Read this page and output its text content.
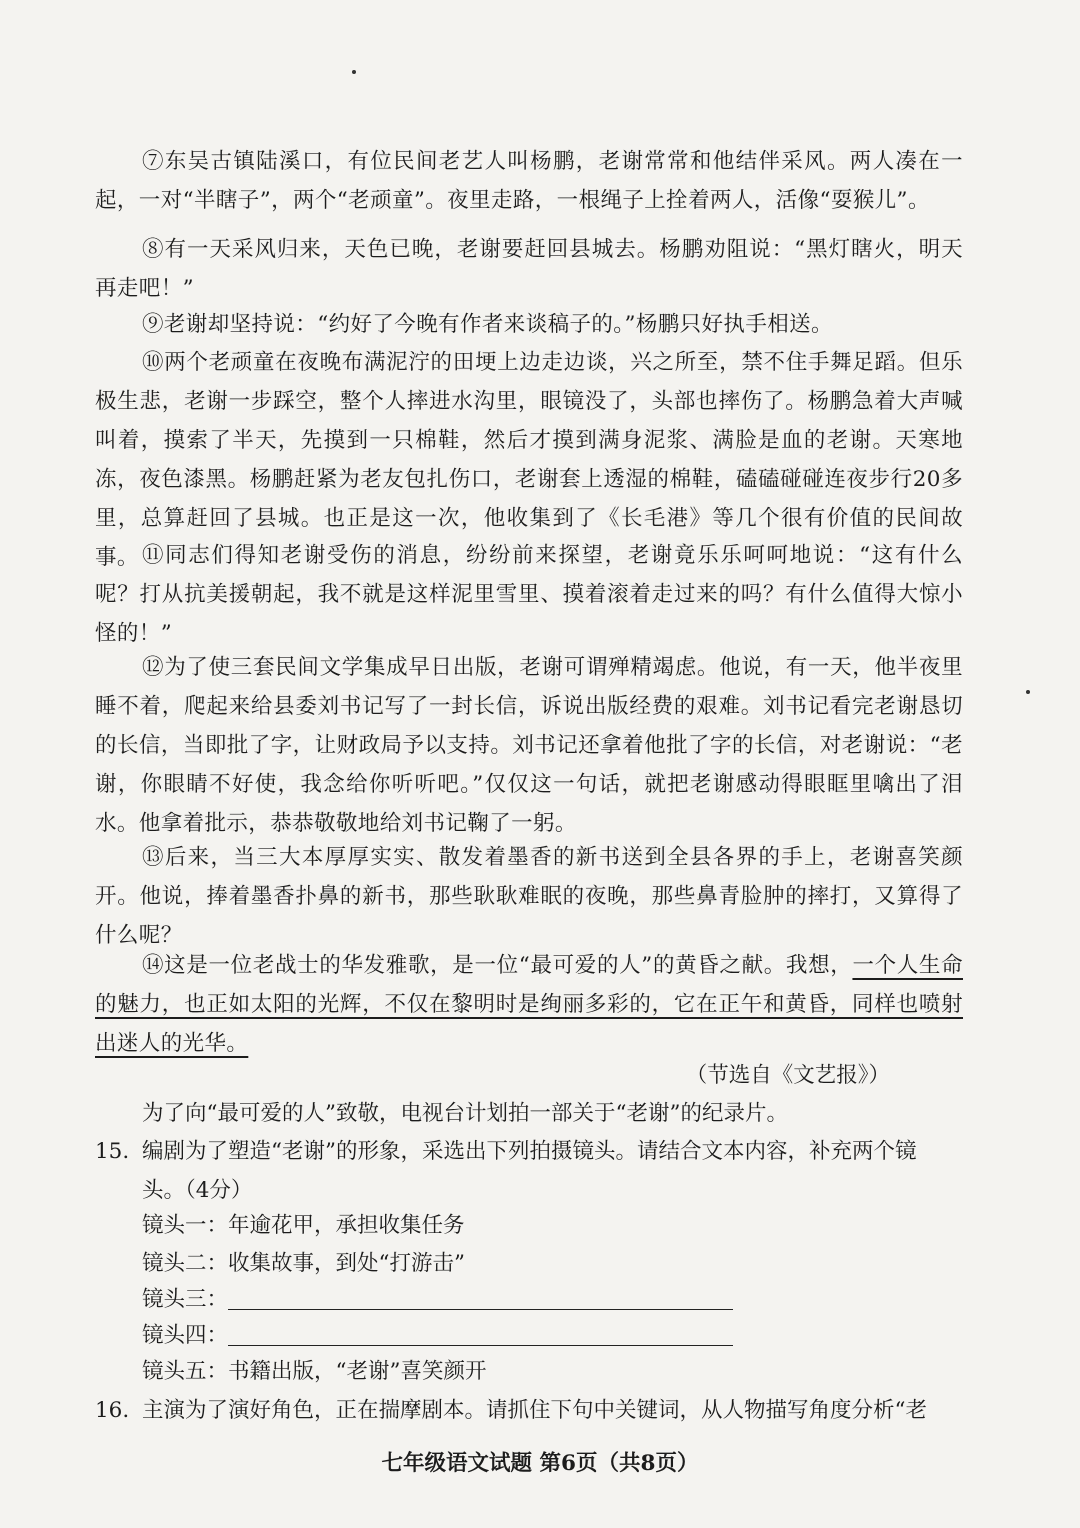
⑦东吴古镇陆溪口，有位民间老艺人叫杨鹏，老谢常常和他结伴采风。两人凑在一起，一对“半瞎子”，两个“老顽童”。夜里走路，一根绳子上拴着两人，活像“耍猴儿”。

⑧有一天采风归来，天色已晚，老谢要赶回县城去。杨鹏劝阻说：“黑灯瞎火，明天再走吧！”

⑨老谢却坚持说：“约好了今晚有作者来谈稿子的。”杨鹏只好执手相送。

⑩两个老顽童在夜晚布满泥泞的田埂上边走边谈，兴之所至，禁不住手舞足蹈。但乐极生悲，老谢一步踩空，整个人摔进水沟里，眼镜没了，头部也摔伤了。杨鹏急着大声喊叫着，摸索了半天，先摸到一只棉鞋，然后才摸到满身泥浆、满脸是血的老谢。天寒地冻，夜色漆黑。杨鹏赶紧为老友包扎伤口，老谢套上透湿的棉鞋，磕磕碰碰连夜步行20多里，总算赶回了县城。也正是这一次，他收集到了《长毛港》等几个很有价值的民间故事。 ⑪同志们得知老谢受伤的消息，纷纷前来探望，老谢竟乐乐呵呵地说：“这有什么呢？打从抗美援朝起，我不就是这样泥里雪里、摸着滚着走过来的吗？有什么值得大惊小怪的！”

⑫为了使三套民间文学集成早日出版，老谢可谓殚精竭虑。他说，有一天，他半夜里睡不着，爬起来给县委刘书记写了一封长信，诉说出版经费的艰难。刘书记看完老谢恳切的长信，当即批了字，让财政局予以支持。刘书记还拿着他批了字的长信，对老谢说：“老谢，你眼睛不好使，我念给你听听吧。”仅仅这一句话，就把老谢感动得眼眶里噙出了泪水。他拿着批示，恭恭敬敬地给刘书记鞠了一躬。

⑬后来，当三大本厚厚实实、散发着墨香的新书送到全县各界的手上，老谢喜笑颜开。他说，捧着墨香扑鼻的新书，那些耿耿难眠的夜晚，那些鼻青脸肿的摔打，又算得了什么呢？

⑭这是一位老战士的华发雅歌，是一位“最可爱的人”的黄昏之献。我想，一个人生命的魅力，也正如太阳的光辉，不仅在黎明时是绚丽多彩的，它在正午和黄昏，同样也喷射出迷人的光华。

（节选自《文艺报》）
为了向“最可爱的人”致敬，电视台计划拍一部关于“老谢”的纪录片。

15. 编剧为了塑造“老谢”的形象，采选出下列拍摄镜头。请结合文本内容，补充两个镜
头。（4分）

镜头一：年逾花甲，承担收集任务
镜头二：收集故事，到处“打游击”
镜头三：
镜头四：
镜头五：书籍出版，“老谢”喜笑颜开

16. 主演为了演好角色，正在揣摩剧本。请抓住下句中关键词，从人物描写角度分析“老

七年级语文试题 第6页（共8页）
